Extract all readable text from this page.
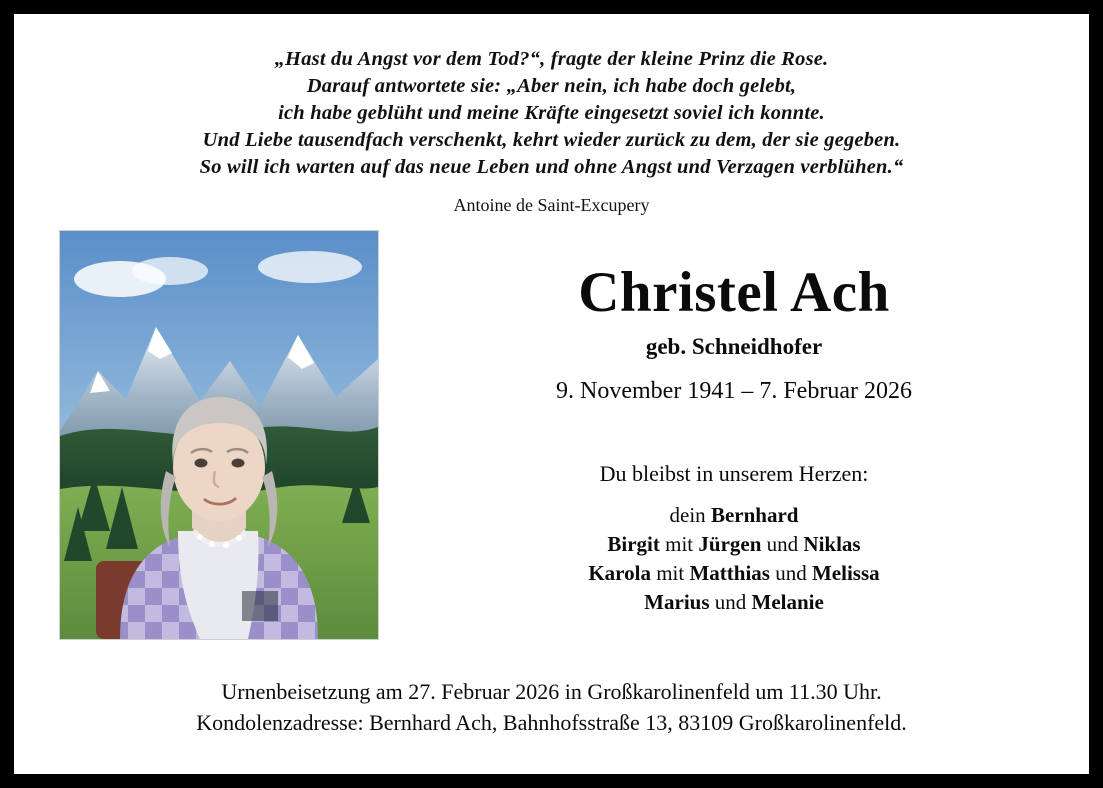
„Hast du Angst vor dem Tod?“, fragte der kleine Prinz die Rose.
Darauf antwortete sie: „Aber nein, ich habe doch gelebt,
ich habe geblüht und meine Kräfte eingesetzt soviel ich konnte.
Und Liebe tausendfach verschenkt, kehrt wieder zurück zu dem, der sie gegeben.
So will ich warten auf das neue Leben und ohne Angst und Verzagen verblühen.“
Antoine de Saint-Excupery
Christel Ach
geb. Schneidhofer
9. November 1941 – 7. Februar 2026
Du bleibst in unserem Herzen:
dein Bernhard
Birgit mit Jürgen und Niklas
Karola mit Matthias und Melissa
Marius und Melanie
Urnenbeisetzung am 27. Februar 2026 in Großkarolinenfeld um 11.30 Uhr.
Kondolenzadresse: Bernhard Ach, Bahnhofsstraße 13, 83109 Großkarolinenfeld.
